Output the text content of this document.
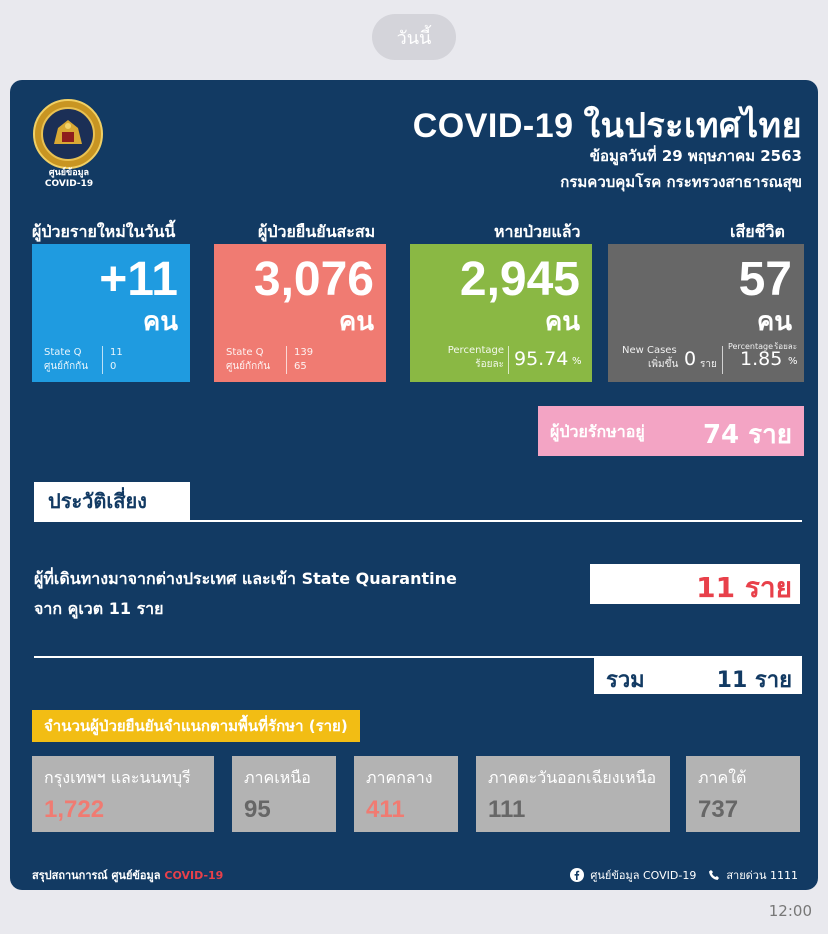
วันนี้
ศูนย์ข้อมูล
COVID-19
COVID-19 ในประเทศไทย
ข้อมูลวันที่ 29 พฤษภาคม 2563
กรมควบคุมโรค กระทรวงสาธารณสุข
ผู้ป่วยรายใหม่ในวันนี้	ผู้ป่วยยืนยันสะสม	หายป่วยแล้ว	เสียชีวิต
+11
คน
State Q
ศูนย์กักกัน
11
0
3,076
คน
State Q
ศูนย์กักกัน
139
65
2,945
คน
Percentage
ร้อยละ 95.74 %
57
คน
New Cases
เพิ่มขึ้น 0 ราย
Percentage ร้อยละ
1.85 %
ผู้ป่วยรักษาอยู่ 74 ราย
ประวัติเสี่ยง
ผู้ที่เดินทางมาจากต่างประเทศ และเข้า State Quarantine
จาก คูเวต 11 ราย
11 ราย
รวม	11 ราย
จำนวนผู้ป่วยยืนยันจำแนกตามพื้นที่รักษา (ราย)
กรุงเทพฯ และนนทบุรี
1,722
ภาคเหนือ
95
ภาคกลาง
411
ภาคตะวันออกเฉียงเหนือ
111
ภาคใต้
737
สรุปสถานการณ์ ศูนย์ข้อมูล COVID-19	ศูนย์ข้อมูล COVID-19	สายด่วน 1111
12:00
